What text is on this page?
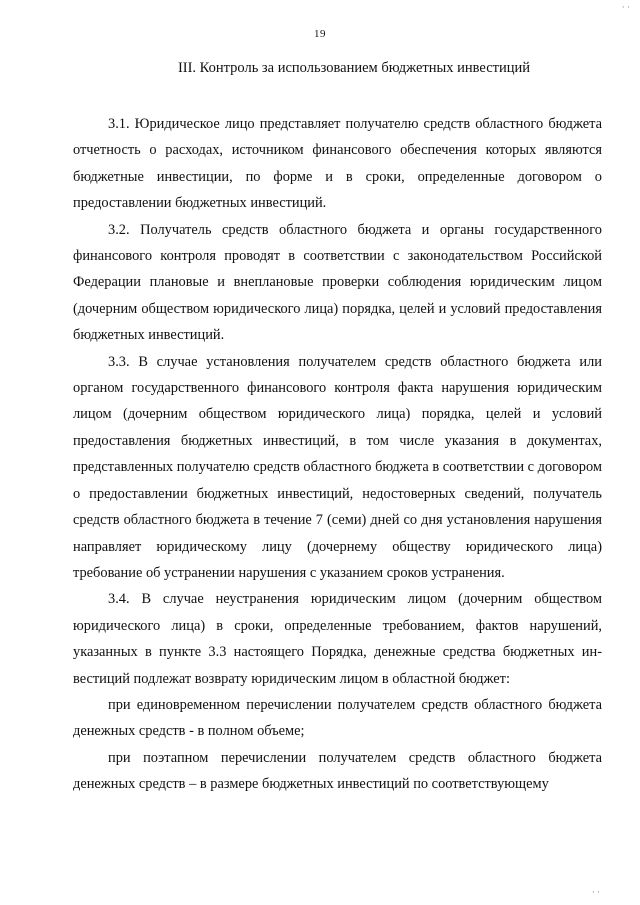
· ·
19
III. Контроль за использованием бюджетных инвестиций

3.1. Юридическое лицо представляет получателю средств областного бюджета отчетность о расходах, источником финансового обеспечения которых являются бюджетные инвестиции, по форме и в сроки, определенные договором о предоставлении бюджетных инвестиций.

3.2. Получатель средств областного бюджета и органы государственного финансового контроля проводят в соответствии с законодательством Российской Федерации плановые и внеплановые проверки соблюдения юридическим лицом (дочерним обществом юридического лица) порядка, целей и условий предоставления бюджетных инвестиций.

3.3. В случае установления получателем средств областного бюджета или органом государственного финансового контроля факта нарушения юридическим лицом (дочерним обществом юридического лица) порядка, целей и условий предоставления бюджетных инвестиций, в том числе указания в документах, представленных получателю средств областного бюджета в соответствии с договором о предоставлении бюджетных инвестиций, недостоверных сведений, получатель средств областного бюджета в течение 7 (семи) дней со дня установления нарушения направляет юридическому лицу (дочернему обществу юридического лица) требование об устранении нарушения с указанием сроков устранения.

3.4. В случае неустранения юридическим лицом (дочерним обществом юридического лица) в сроки, определенные требованием, фактов нарушений, указанных в пункте 3.3 настоящего Порядка, денежные средства бюджетных инвестиций подлежат возврату юридическим лицом в областной бюджет:

при единовременном перечислении получателем средств областного бюджета денежных средств - в полном объеме;

при поэтапном перечислении получателем средств областного бюджета денежных средств – в размере бюджетных инвестиций по соответствующему

· ·
